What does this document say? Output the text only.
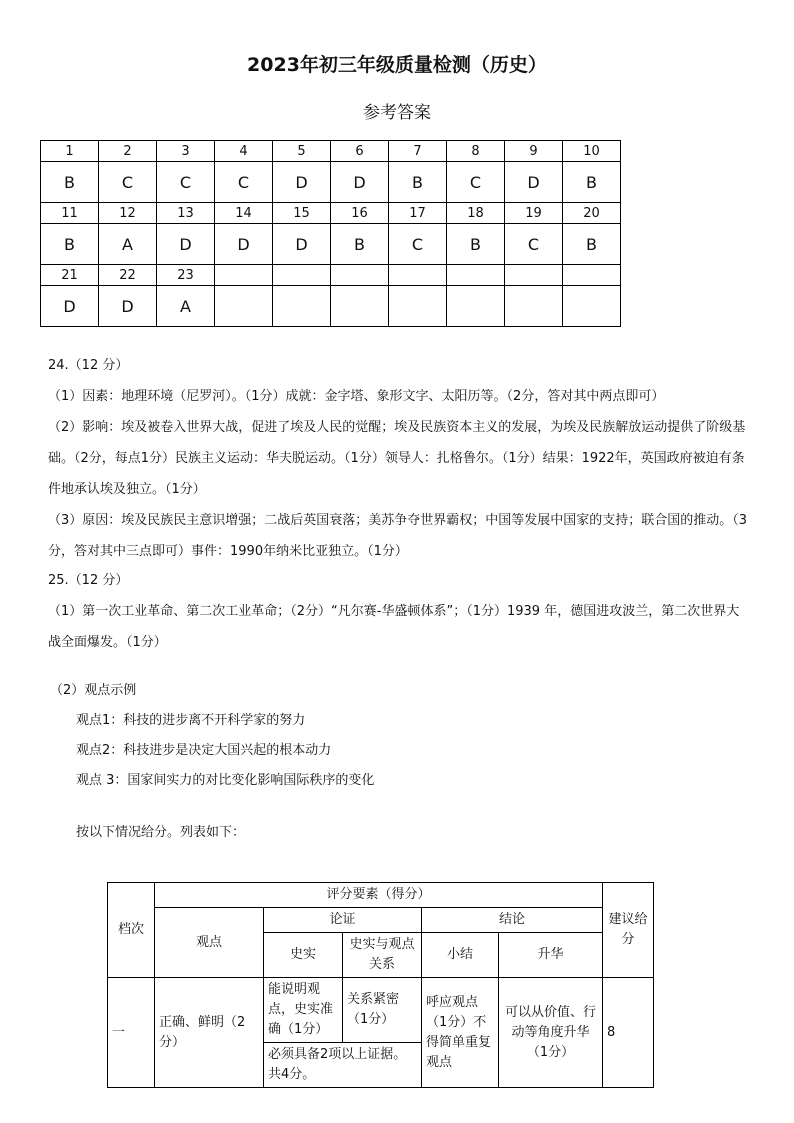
2023年初三年级质量检测（历史）
参考答案
1	2	3	4	5	6	7	8	9	10
B	C	C	C	D	D	B	C	D	B
11	12	13	14	15	16	17	18	19	20
B	A	D	D	D	B	C	B	C	B
21	22	23							
D	D	A							
24.（12 分）
（1）因素：地理环境（尼罗河）。（1分）成就：金字塔、象形文字、太阳历等。（2分，答对其中两点即可）
（2）影响：埃及被卷入世界大战，促进了埃及人民的觉醒；埃及民族资本主义的发展，为埃及民族解放运动提供了阶级基础。（2分，每点1分）民族主义运动：华夫脱运动。（1分）领导人：扎格鲁尔。（1分）结果：1922年，英国政府被迫有条件地承认埃及独立。（1分）
（3）原因：埃及民族民主意识增强；二战后英国衰落；美苏争夺世界霸权；中国等发展中国家的支持；联合国的推动。（3分，答对其中三点即可）事件：1990年纳米比亚独立。（1分）
25.（12 分）
（1）第一次工业革命、第二次工业革命；（2分）“凡尔赛-华盛顿体系”；（1分）1939 年，德国进攻波兰，第二次世界大战全面爆发。（1分）
（2）观点示例
观点1：科技的进步离不开科学家的努力
观点2：科技进步是决定大国兴起的根本动力
观点 3：国家间实力的对比变化影响国际秩序的变化
按以下情况给分。列表如下：
档次	评分要素（得分）					建议给分
	观点	论证		结论		
		史实	史实与观点关系	小结	升华	
一	正确、鲜明（2分）	能说明观点，史实准确（1分）	关系紧密（1分）	呼应观点（1分）不得简单重复观点	可以从价值、行动等角度升华（1分）	8
		必须具备2项以上证据。共4分。				
